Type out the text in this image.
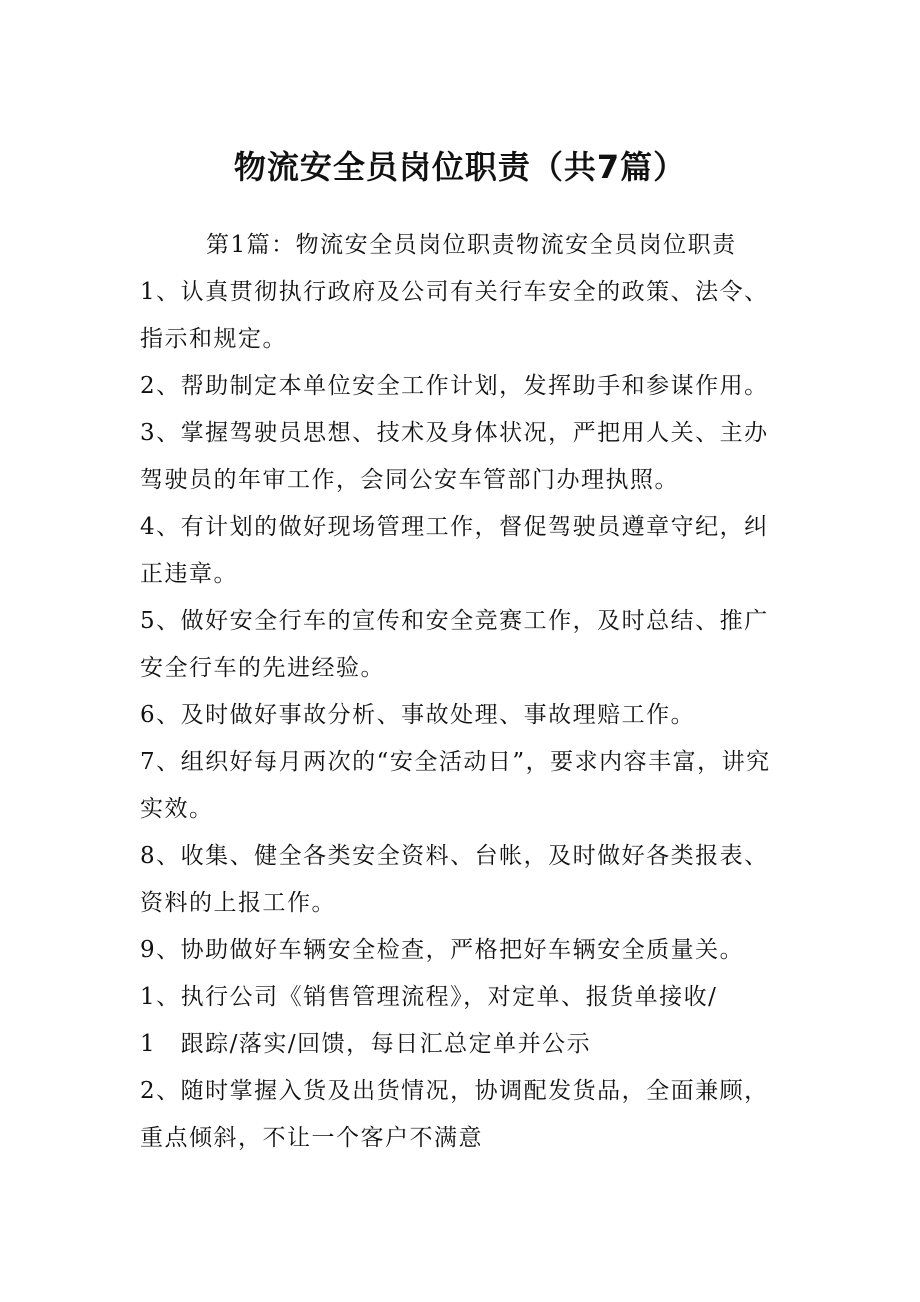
物流安全员岗位职责（共7篇）

第1篇：物流安全员岗位职责物流安全员岗位职责

1、认真贯彻执行政府及公司有关行车安全的政策、法令、指示和规定。

2、帮助制定本单位安全工作计划，发挥助手和参谋作用。

3、掌握驾驶员思想、技术及身体状况，严把用人关、主办驾驶员的年审工作，会同公安车管部门办理执照。

4、有计划的做好现场管理工作，督促驾驶员遵章守纪，纠正违章。

5、做好安全行车的宣传和安全竞赛工作，及时总结、推广安全行车的先进经验。

6、及时做好事故分析、事故处理、事故理赔工作。

7、组织好每月两次的“安全活动日”，要求内容丰富，讲究实效。

8、收集、健全各类安全资料、台帐，及时做好各类报表、资料的上报工作。

9、协助做好车辆安全检查，严格把好车辆安全质量关。

1、执行公司《销售管理流程》，对定单、报货单接收/

1　跟踪/落实/回馈，每日汇总定单并公示

2、随时掌握入货及出货情况，协调配发货品，全面兼顾，重点倾斜，不让一个客户不满意
